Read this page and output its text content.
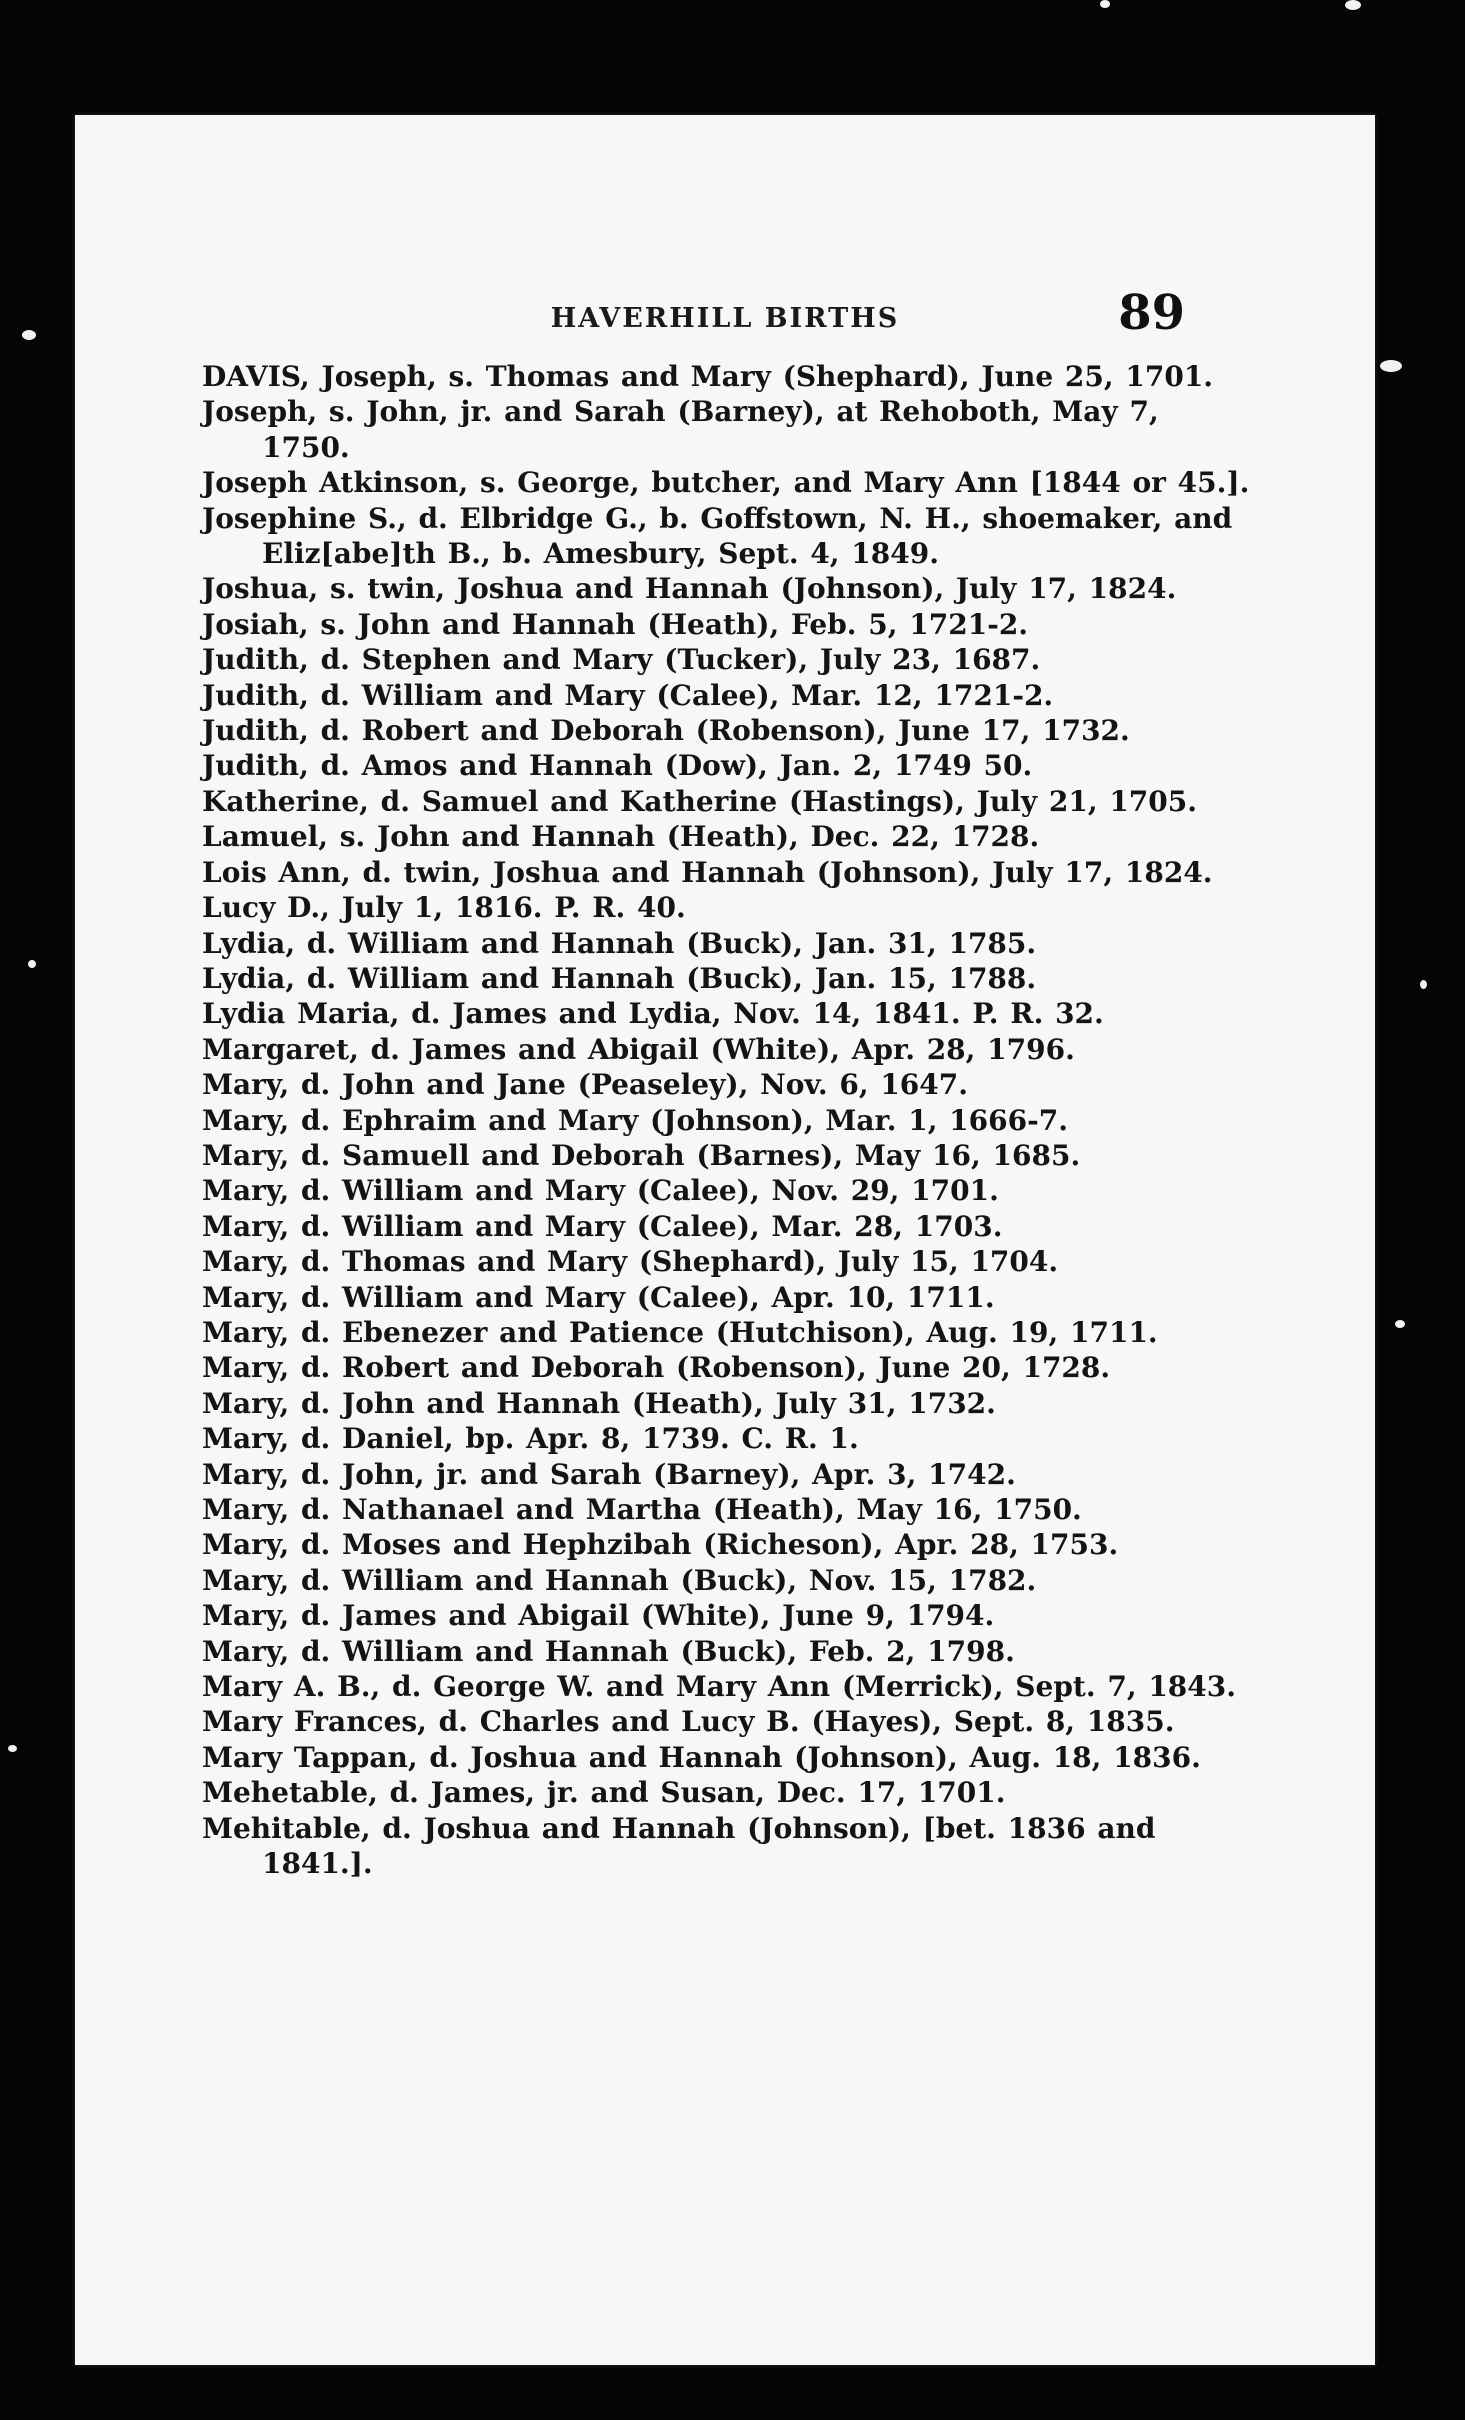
HAVERHILL BIRTHS	89
DAVIS, Joseph, s. Thomas and Mary (Shephard), June 25, 1701.
Joseph, s. John, jr. and Sarah (Barney), at Rehoboth, May 7, 1750.
Joseph Atkinson, s. George, butcher, and Mary Ann [1844 or 45.].
Josephine S., d. Elbridge G., b. Goffstown, N. H., shoemaker, and Eliz[abe]th B., b. Amesbury, Sept. 4, 1849.
Joshua, s. twin, Joshua and Hannah (Johnson), July 17, 1824.
Josiah, s. John and Hannah (Heath), Feb. 5, 1721-2.
Judith, d. Stephen and Mary (Tucker), July 23, 1687.
Judith, d. William and Mary (Calee), Mar. 12, 1721-2.
Judith, d. Robert and Deborah (Robenson), June 17, 1732.
Judith, d. Amos and Hannah (Dow), Jan. 2, 1749 50.
Katherine, d. Samuel and Katherine (Hastings), July 21, 1705.
Lamuel, s. John and Hannah (Heath), Dec. 22, 1728.
Lois Ann, d. twin, Joshua and Hannah (Johnson), July 17, 1824.
Lucy D., July 1, 1816. P. R. 40.
Lydia, d. William and Hannah (Buck), Jan. 31, 1785.
Lydia, d. William and Hannah (Buck), Jan. 15, 1788.
Lydia Maria, d. James and Lydia, Nov. 14, 1841. P. R. 32.
Margaret, d. James and Abigail (White), Apr. 28, 1796.
Mary, d. John and Jane (Peaseley), Nov. 6, 1647.
Mary, d. Ephraim and Mary (Johnson), Mar. 1, 1666-7.
Mary, d. Samuell and Deborah (Barnes), May 16, 1685.
Mary, d. William and Mary (Calee), Nov. 29, 1701.
Mary, d. William and Mary (Calee), Mar. 28, 1703.
Mary, d. Thomas and Mary (Shephard), July 15, 1704.
Mary, d. William and Mary (Calee), Apr. 10, 1711.
Mary, d. Ebenezer and Patience (Hutchison), Aug. 19, 1711.
Mary, d. Robert and Deborah (Robenson), June 20, 1728.
Mary, d. John and Hannah (Heath), July 31, 1732.
Mary, d. Daniel, bp. Apr. 8, 1739. C. R. 1.
Mary, d. John, jr. and Sarah (Barney), Apr. 3, 1742.
Mary, d. Nathanael and Martha (Heath), May 16, 1750.
Mary, d. Moses and Hephzibah (Richeson), Apr. 28, 1753.
Mary, d. William and Hannah (Buck), Nov. 15, 1782.
Mary, d. James and Abigail (White), June 9, 1794.
Mary, d. William and Hannah (Buck), Feb. 2, 1798.
Mary A. B., d. George W. and Mary Ann (Merrick), Sept. 7, 1843.
Mary Frances, d. Charles and Lucy B. (Hayes), Sept. 8, 1835.
Mary Tappan, d. Joshua and Hannah (Johnson), Aug. 18, 1836.
Mehetable, d. James, jr. and Susan, Dec. 17, 1701.
Mehitable, d. Joshua and Hannah (Johnson), [bet. 1836 and 1841.].
